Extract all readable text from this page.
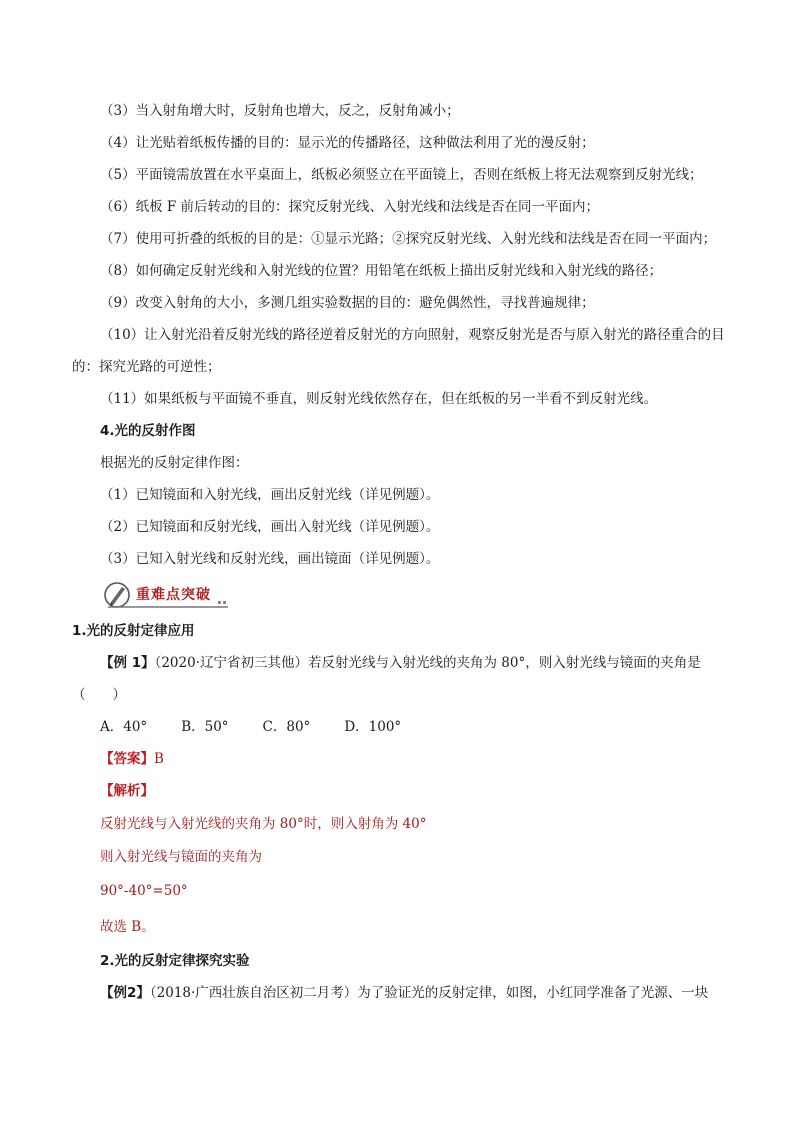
（3）当入射角增大时，反射角也增大，反之，反射角减小；
（4）让光贴着纸板传播的目的：显示光的传播路径，这种做法利用了光的漫反射；
（5）平面镜需放置在水平桌面上，纸板必须竖立在平面镜上，否则在纸板上将无法观察到反射光线；
（6）纸板 F 前后转动的目的：探究反射光线、入射光线和法线是否在同一平面内；
（7）使用可折叠的纸板的目的是：①显示光路；②探究反射光线、入射光线和法线是否在同一平面内；
（8）如何确定反射光线和入射光线的位置？用铅笔在纸板上描出反射光线和入射光线的路径；
（9）改变入射角的大小，多测几组实验数据的目的：避免偶然性，寻找普遍规律；
（10）让入射光沿着反射光线的路径逆着反射光的方向照射，观察反射光是否与原入射光的路径重合的目的：探究光路的可逆性；
（11）如果纸板与平面镜不垂直，则反射光线依然存在，但在纸板的另一半看不到反射光线。
4.光的反射作图
根据光的反射定律作图：
（1）已知镜面和入射光线，画出反射光线（详见例题）。
（2）已知镜面和反射光线，画出入射光线（详见例题）。
（3）已知入射光线和反射光线，画出镜面（详见例题）。
重难点突破
1.光的反射定律应用
【例 1】（2020·辽宁省初三其他）若反射光线与入射光线的夹角为 80°，则入射光线与镜面的夹角是
（　　）
A．40°	B．50°	C．80°	D．100°
【答案】B
【解析】
反射光线与入射光线的夹角为 80°时，则入射角为 40°
则入射光线与镜面的夹角为
90°-40°=50°
故选 B。
2.光的反射定律探究实验
【例2】（2018·广西壮族自治区初二月考）为了验证光的反射定律，如图，小红同学准备了光源、一块
